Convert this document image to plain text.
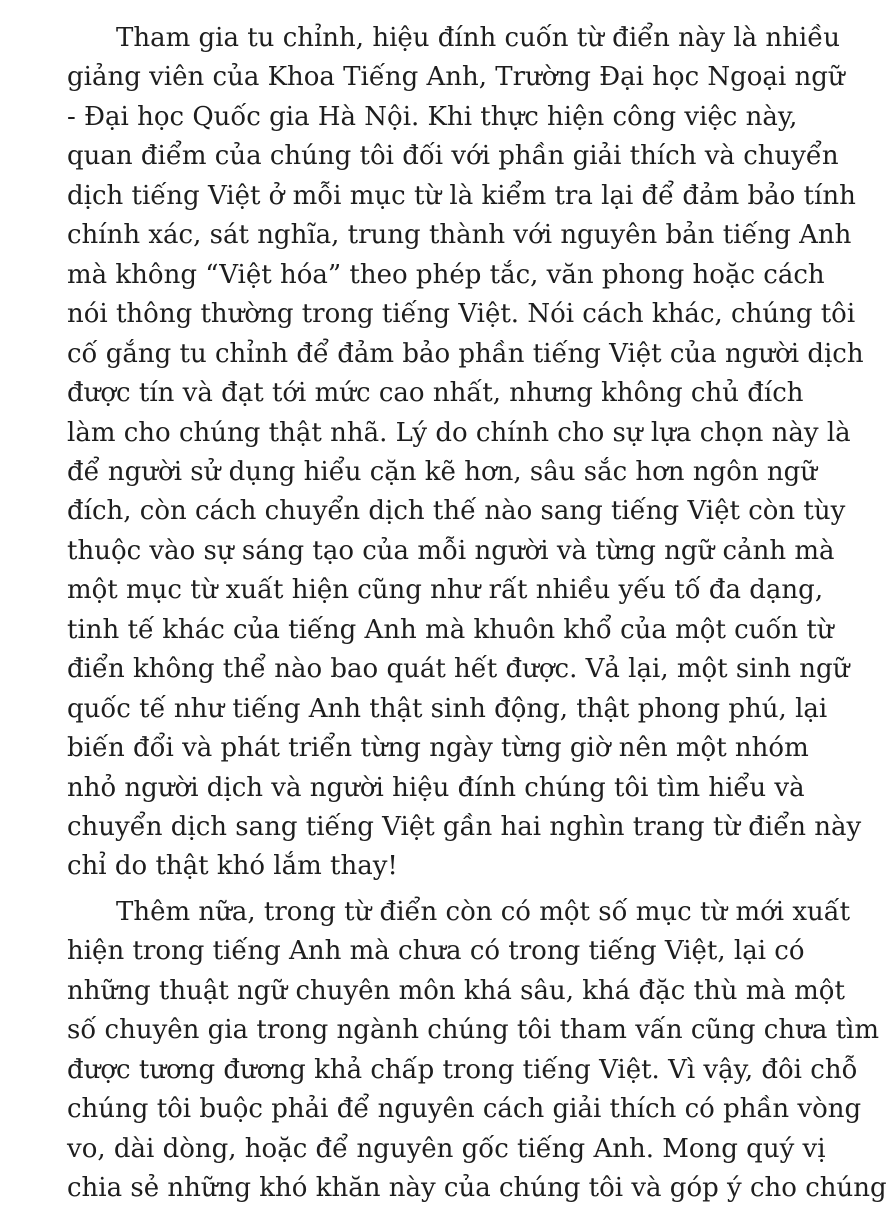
Tham gia tu chỉnh, hiệu đính cuốn từ điển này là nhiều
giảng viên của Khoa Tiếng Anh, Trường Đại học Ngoại ngữ
- Đại học Quốc gia Hà Nội. Khi thực hiện công việc này,
quan điểm của chúng tôi đối với phần giải thích và chuyển
dịch tiếng Việt ở mỗi mục từ là kiểm tra lại để đảm bảo tính
chính xác, sát nghĩa, trung thành với nguyên bản tiếng Anh
mà không “Việt hóa” theo phép tắc, văn phong hoặc cách
nói thông thường trong tiếng Việt. Nói cách khác, chúng tôi
cố gắng tu chỉnh để đảm bảo phần tiếng Việt của người dịch
được tín và đạt tới mức cao nhất, nhưng không chủ đích
làm cho chúng thật nhã. Lý do chính cho sự lựa chọn này là
để người sử dụng hiểu cặn kẽ hơn, sâu sắc hơn ngôn ngữ
đích, còn cách chuyển dịch thế nào sang tiếng Việt còn tùy
thuộc vào sự sáng tạo của mỗi người và từng ngữ cảnh mà
một mục từ xuất hiện cũng như rất nhiều yếu tố đa dạng,
tinh tế khác của tiếng Anh mà khuôn khổ của một cuốn từ
điển không thể nào bao quát hết được. Vả lại, một sinh ngữ
quốc tế như tiếng Anh thật sinh động, thật phong phú, lại
biến đổi và phát triển từng ngày từng giờ nên một nhóm
nhỏ người dịch và người hiệu đính chúng tôi tìm hiểu và
chuyển dịch sang tiếng Việt gần hai nghìn trang từ điển này
chỉ do thật khó lắm thay!
Thêm nữa, trong từ điển còn có một số mục từ mới xuất
hiện trong tiếng Anh mà chưa có trong tiếng Việt, lại có
những thuật ngữ chuyên môn khá sâu, khá đặc thù mà một
số chuyên gia trong ngành chúng tôi tham vấn cũng chưa tìm
được tương đương khả chấp trong tiếng Việt. Vì vậy, đôi chỗ
chúng tôi buộc phải để nguyên cách giải thích có phần vòng
vo, dài dòng, hoặc để nguyên gốc tiếng Anh. Mong quý vị
chia sẻ những khó khăn này của chúng tôi và góp ý cho chúng
